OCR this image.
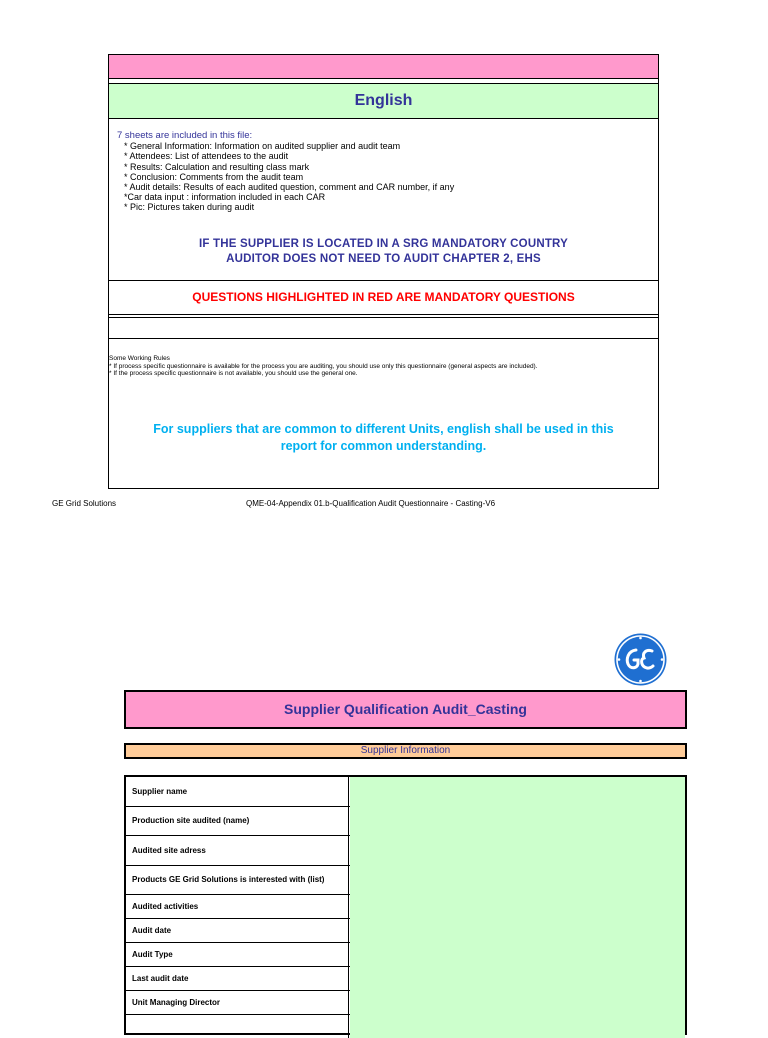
English
7 sheets are included in this file:
* General Information: Information on audited supplier and audit team
* Attendees: List of attendees to the audit
* Results: Calculation and resulting class mark
* Conclusion: Comments from the audit team
* Audit details: Results of each audited question, comment and CAR number, if any
*Car data input : information included in each CAR
* Pic: Pictures taken during audit
IF THE SUPPLIER IS LOCATED IN A SRG MANDATORY COUNTRY
AUDITOR DOES NOT NEED TO AUDIT CHAPTER 2, EHS
QUESTIONS HIGHLIGHTED IN RED ARE MANDATORY QUESTIONS
Some Working Rules
* If process specific questionnaire is available for the process you are auditing, you should use only this questionnaire (general aspects are included).
* If the process specific questionnaire is not available, you should use the general one.
For suppliers that are common to different Units, english shall be used in this
report for common understanding.
GE Grid Solutions	QME-04-Appendix 01.b-Qualification Audit Questionnaire - Casting-V6
Supplier Qualification Audit_Casting
Supplier Information
Supplier name
Production site audited (name)
Audited site adress
Products GE Grid Solutions is interested with (list)
Audited activities
Audit date
Audit Type
Last audit date
Unit Managing Director
